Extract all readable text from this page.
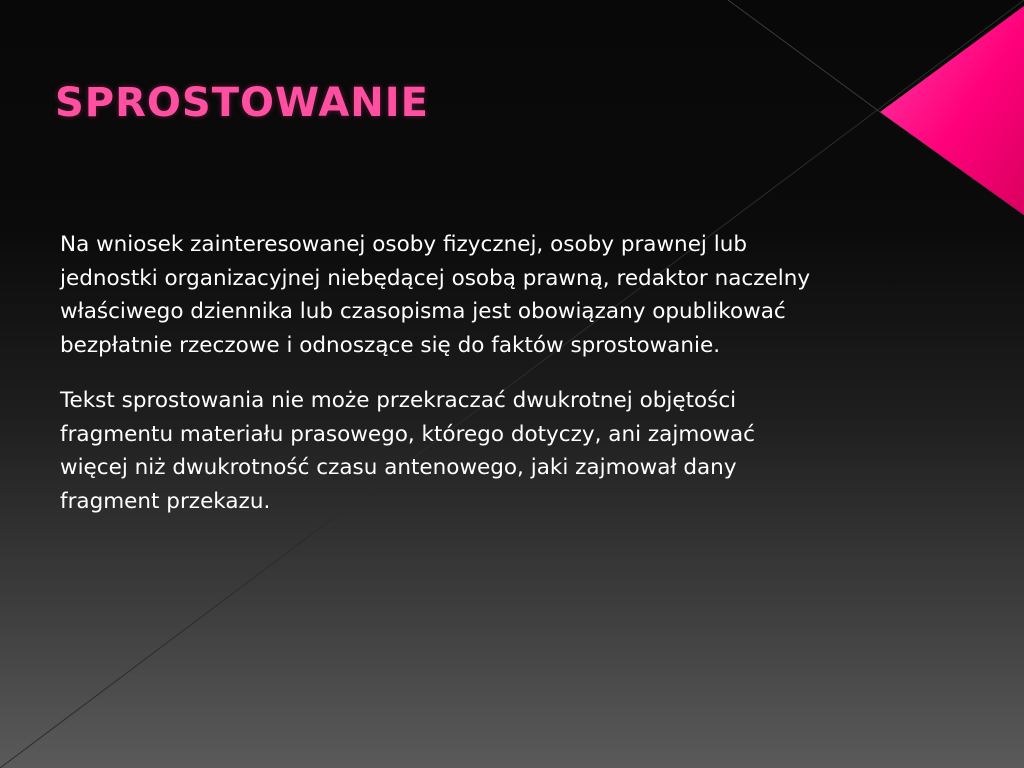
SPROSTOWANIE

Na wniosek zainteresowanej osoby fizycznej, osoby prawnej lub jednostki organizacyjnej niebędącej osobą prawną, redaktor naczelny właściwego dziennika lub czasopisma jest obowiązany opublikować bezpłatnie rzeczowe i odnoszące się do faktów sprostowanie.

Tekst sprostowania nie może przekraczać dwukrotnej objętości fragmentu materiału prasowego, którego dotyczy, ani zajmować więcej niż dwukrotność czasu antenowego, jaki zajmował dany fragment przekazu.
